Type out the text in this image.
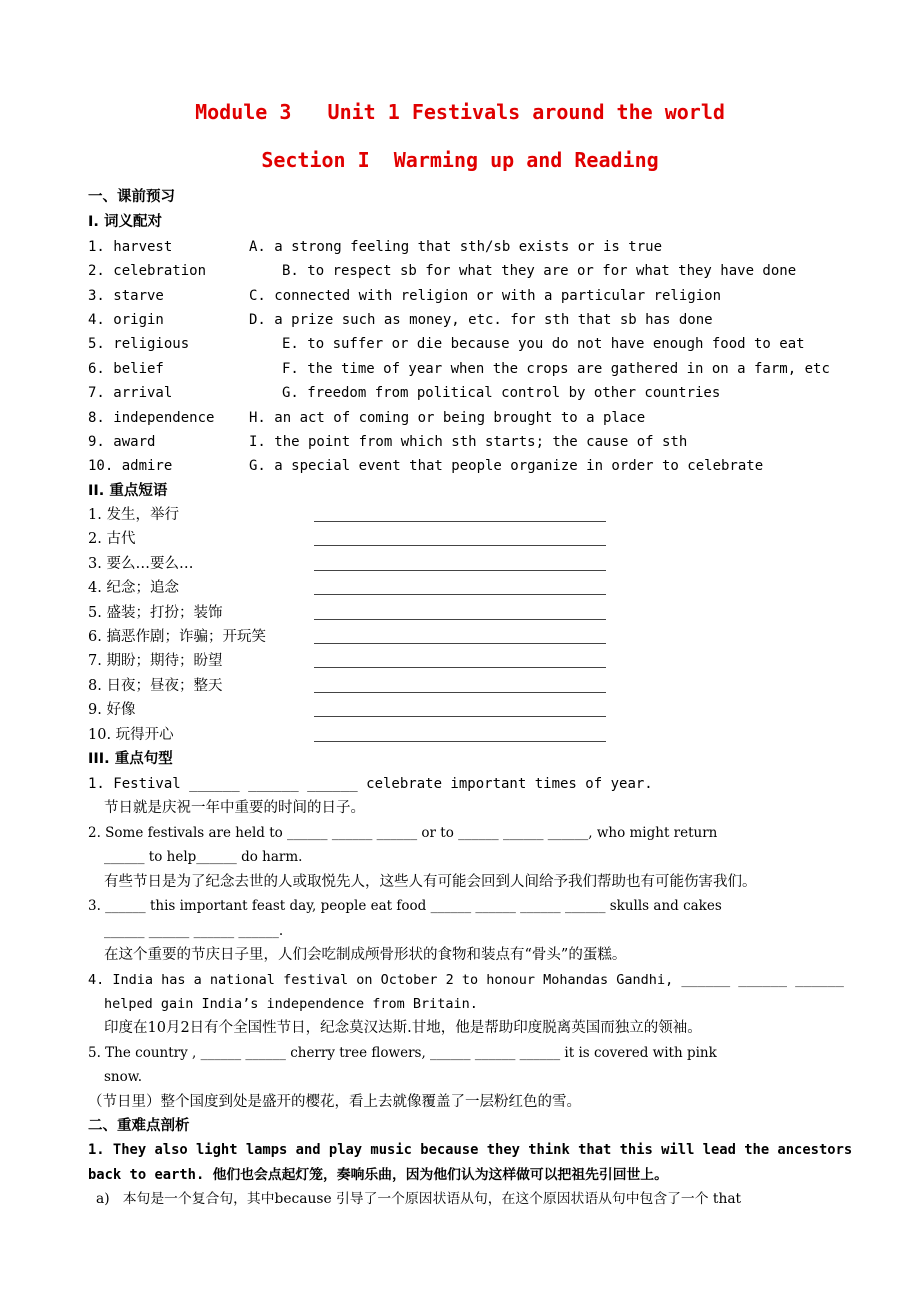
Module 3   Unit 1 Festivals around the world
Section I  Warming up and Reading
一、课前预习
I. 词义配对
1. harvest
2. celebration
3. starve
4. origin
5. religious
6. belief
7. arrival
8. independence
9. award
10. admire
A. a strong feeling that sth/sb exists or is true
B. to respect sb for what they are or for what they have done
C. connected with religion or with a particular religion
D. a prize such as money, etc. for sth that sb has done
E. to suffer or die because you do not have enough food to eat
F. the time of year when the crops are gathered in on a farm, etc
G. freedom from political control by other countries
H. an act of coming or being brought to a place
I. the point from which sth starts; the cause of sth
G. a special event that people organize in order to celebrate
II. 重点短语
1. 发生，举行
2. 古代
3. 要么…要么…
4. 纪念；追念
5. 盛装；打扮；装饰
6. 搞恶作剧；诈骗；开玩笑
7. 期盼；期待；盼望
8. 日夜；昼夜；整天
9. 好像
10. 玩得开心
III. 重点句型
1. Festival ______ ______ ______ celebrate important times of year.
节日就是庆祝一年中重要的时间的日子。
2. Some festivals are held to ______ ______ ______ or to ______ ______ ______, who might return
______ to help______ do harm.
有些节日是为了纪念去世的人或取悦先人，这些人有可能会回到人间给予我们帮助也有可能伤害我们。
3. ______ this important feast day, people eat food ______ ______ ______ ______ skulls and cakes
______ ______ ______ ______.
在这个重要的节庆日子里，人们会吃制成颅骨形状的食物和装点有“骨头”的蛋糕。
4. India has a national festival on October 2 to honour Mohandas Gandhi, ______ ______ ______
helped gain India’s independence from Britain.
印度在10月2日有个全国性节日，纪念莫汉达斯.甘地，他是帮助印度脱离英国而独立的领袖。
5. The country , ______ ______ cherry tree flowers, ______ ______ ______ it is covered with pink
snow.
（节日里）整个国度到处是盛开的樱花，看上去就像覆盖了一层粉红色的雪。
二、重难点剖析
1. They also light lamps and play music because they think that this will lead the ancestors
back to earth. 他们也会点起灯笼，奏响乐曲，因为他们认为这样做可以把祖先引回世上。
a)   本句是一个复合句，其中because 引导了一个原因状语从句，在这个原因状语从句中包含了一个 that
